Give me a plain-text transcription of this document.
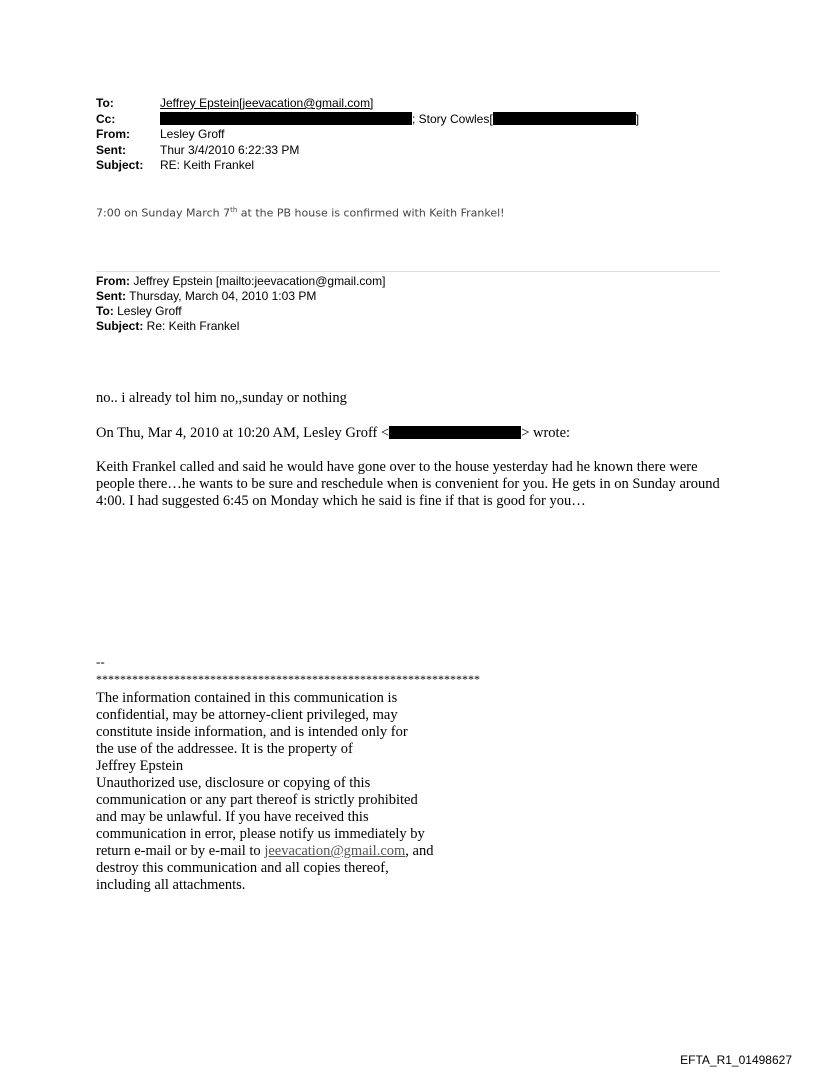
To:	Jeffrey Epstein[jeevacation@gmail.com]
Cc:	; Story Cowles[	]
From:	Lesley Groff
Sent:	Thur 3/4/2010 6:22:33 PM
Subject: RE: Keith Frankel
7:00 on Sunday March 7th at the PB house is confirmed with Keith Frankel!
From: Jeffrey Epstein [mailto:jeevacation@gmail.com]
Sent: Thursday, March 04, 2010 1:03 PM
To: Lesley Groff
Subject: Re: Keith Frankel
no.. i already tol him no,,sunday or nothing
On Thu, Mar 4, 2010 at 10:20 AM, Lesley Groff <	> wrote:
Keith Frankel called and said he would have gone over to the house yesterday had he known there were people there…he wants to be sure and reschedule when is convenient for you. He gets in on Sunday around 4:00. I had suggested 6:45 on Monday which he said is fine if that is good for you…
--
****************************************************************
The information contained in this communication is
confidential, may be attorney-client privileged, may
constitute inside information, and is intended only for
the use of the addressee. It is the property of
Jeffrey Epstein
Unauthorized use, disclosure or copying of this
communication or any part thereof is strictly prohibited
and may be unlawful. If you have received this
communication in error, please notify us immediately by
return e-mail or by e-mail to jeevacation@gmail.com, and
destroy this communication and all copies thereof,
including all attachments.
EFTA_R1_01498627
